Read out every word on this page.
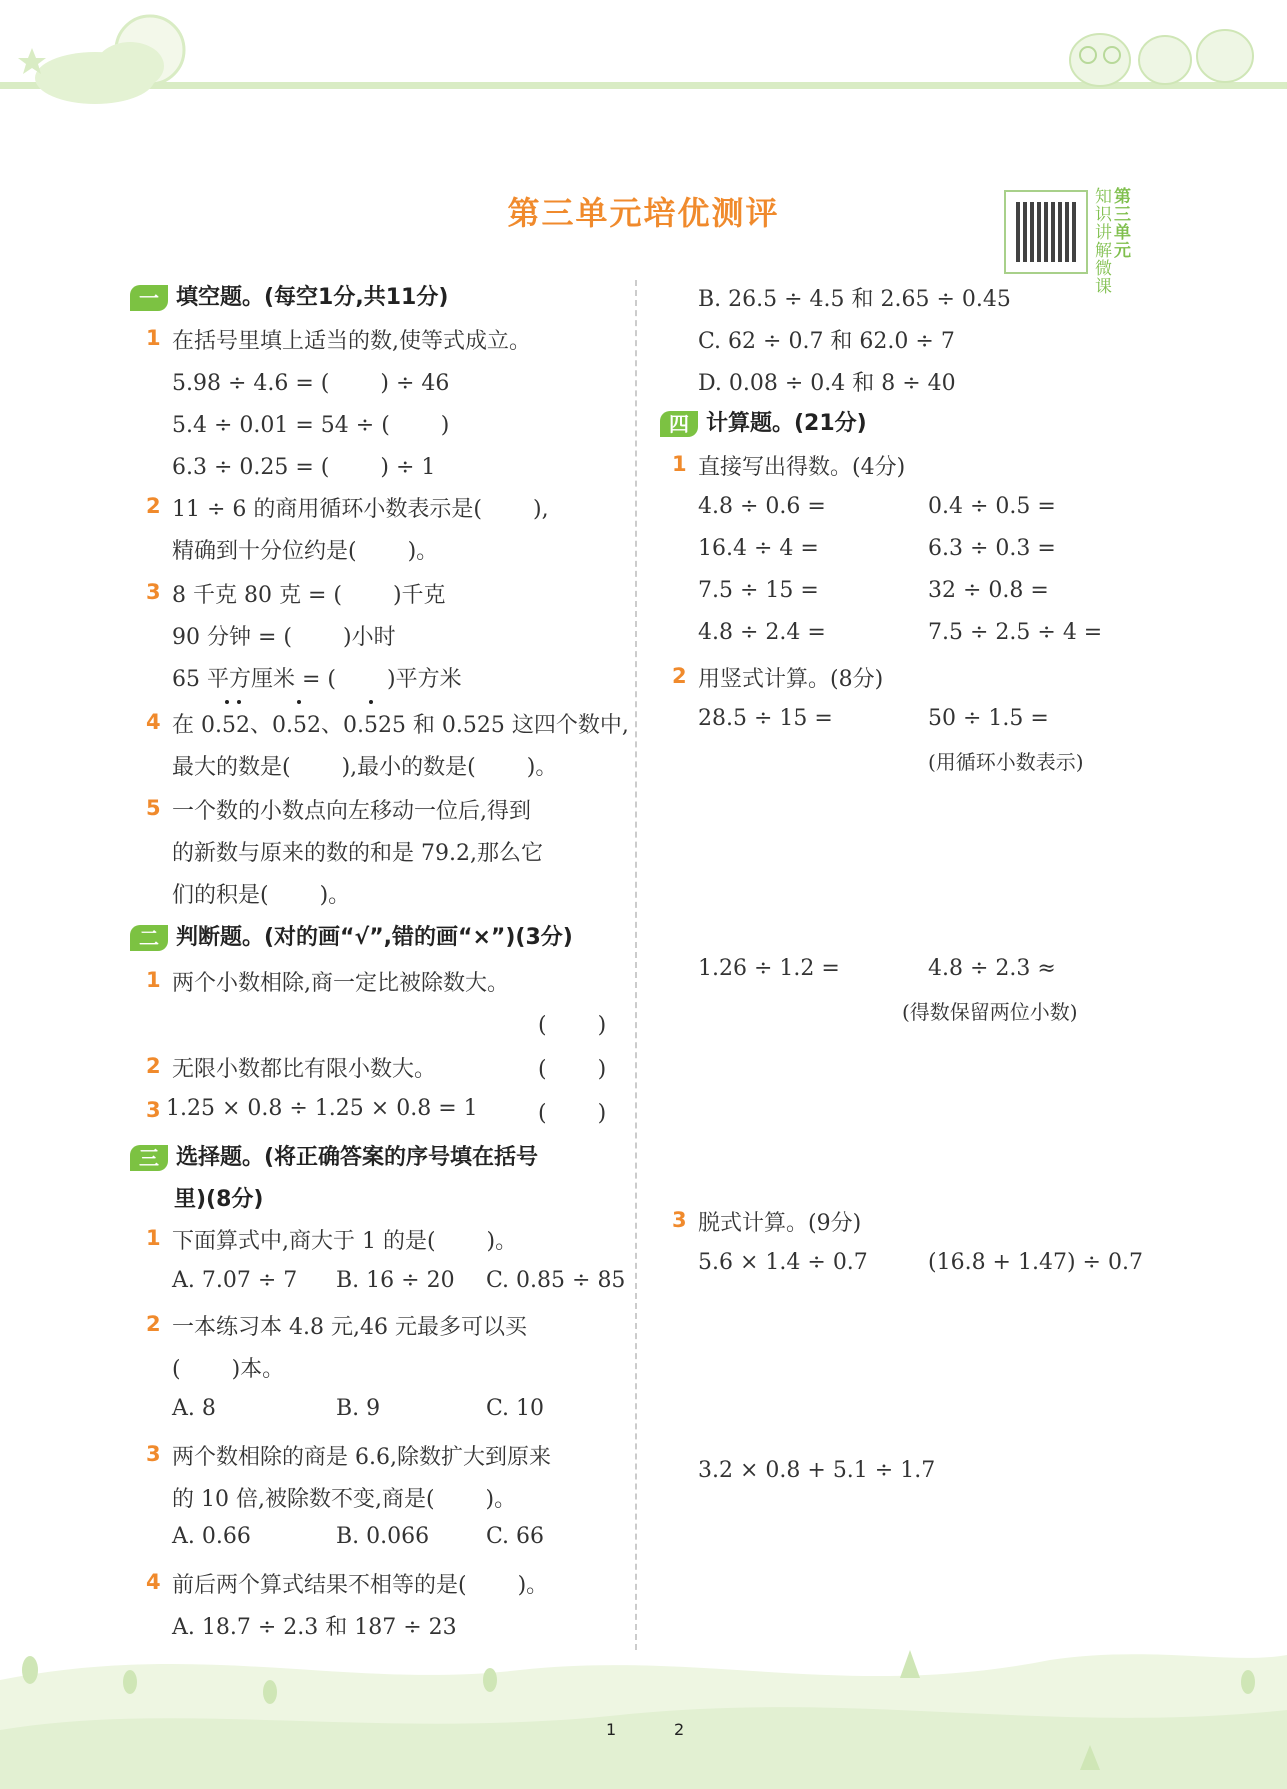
第三单元培优测评	知识讲解微课
第三单元
一 填空题。(每空1分,共11分)
1 在括号里填上适当的数,使等式成立。
5.98 ÷ 4.6 = (　　 ) ÷ 46
5.4 ÷ 0.01 = 54 ÷ (　　 )
6.3 ÷ 0.25 = (　　 ) ÷ 1
2 11 ÷ 6 的商用循环小数表示是(　　 ),
精确到十分位约是(　　 )。
3 8 千克 80 克 = (　　 )千克
90 分钟 = (　　 )小时
65 平方厘米 = (　　 )平方米
4 在 0.52、0.52、0.525 和 0.525 这四个数中,
最大的数是(　　 ),最小的数是(　　 )。
5 一个数的小数点向左移动一位后,得到
的新数与原来的数的和是 79.2,那么它
们的积是(　　 )。
二 判断题。(对的画“√”,错的画“×”)(3分)
1 两个小数相除,商一定比被除数大。
(　　 )
2 无限小数都比有限小数大。	(　　 )
3 1.25 × 0.8 ÷ 1.25 × 0.8 = 1	(　　 )
三 选择题。(将正确答案的序号填在括号
里)(8分)
1 下面算式中,商大于 1 的是(　　 )。
A. 7.07 ÷ 7 B. 16 ÷ 20 C. 0.85 ÷ 85
2 一本练习本 4.8 元,46 元最多可以买
(　　 )本。
A. 8	B. 9	C. 10
3 两个数相除的商是 6.6,除数扩大到原来
的 10 倍,被除数不变,商是(　　 )。
A. 0.66	B. 0.066	C. 66
4 前后两个算式结果不相等的是(　　 )。
A. 18.7 ÷ 2.3 和 187 ÷ 23
B. 26.5 ÷ 4.5 和 2.65 ÷ 0.45
C. 62 ÷ 0.7 和 62.0 ÷ 7
D. 0.08 ÷ 0.4 和 8 ÷ 40
四 计算题。(21分)
1 直接写出得数。(4分)
4.8 ÷ 0.6 =	0.4 ÷ 0.5 =
16.4 ÷ 4 =	6.3 ÷ 0.3 =
7.5 ÷ 15 =	32 ÷ 0.8 =
4.8 ÷ 2.4 =	7.5 ÷ 2.5 ÷ 4 =
2 用竖式计算。(8分)
28.5 ÷ 15 =	50 ÷ 1.5 =
(用循环小数表示)
1.26 ÷ 1.2 =	4.8 ÷ 2.3 ≈
(得数保留两位小数)
3 脱式计算。(9分)
5.6 × 1.4 ÷ 0.7	(16.8 + 1.47) ÷ 0.7
3.2 × 0.8 + 5.1 ÷ 1.7
1	2
